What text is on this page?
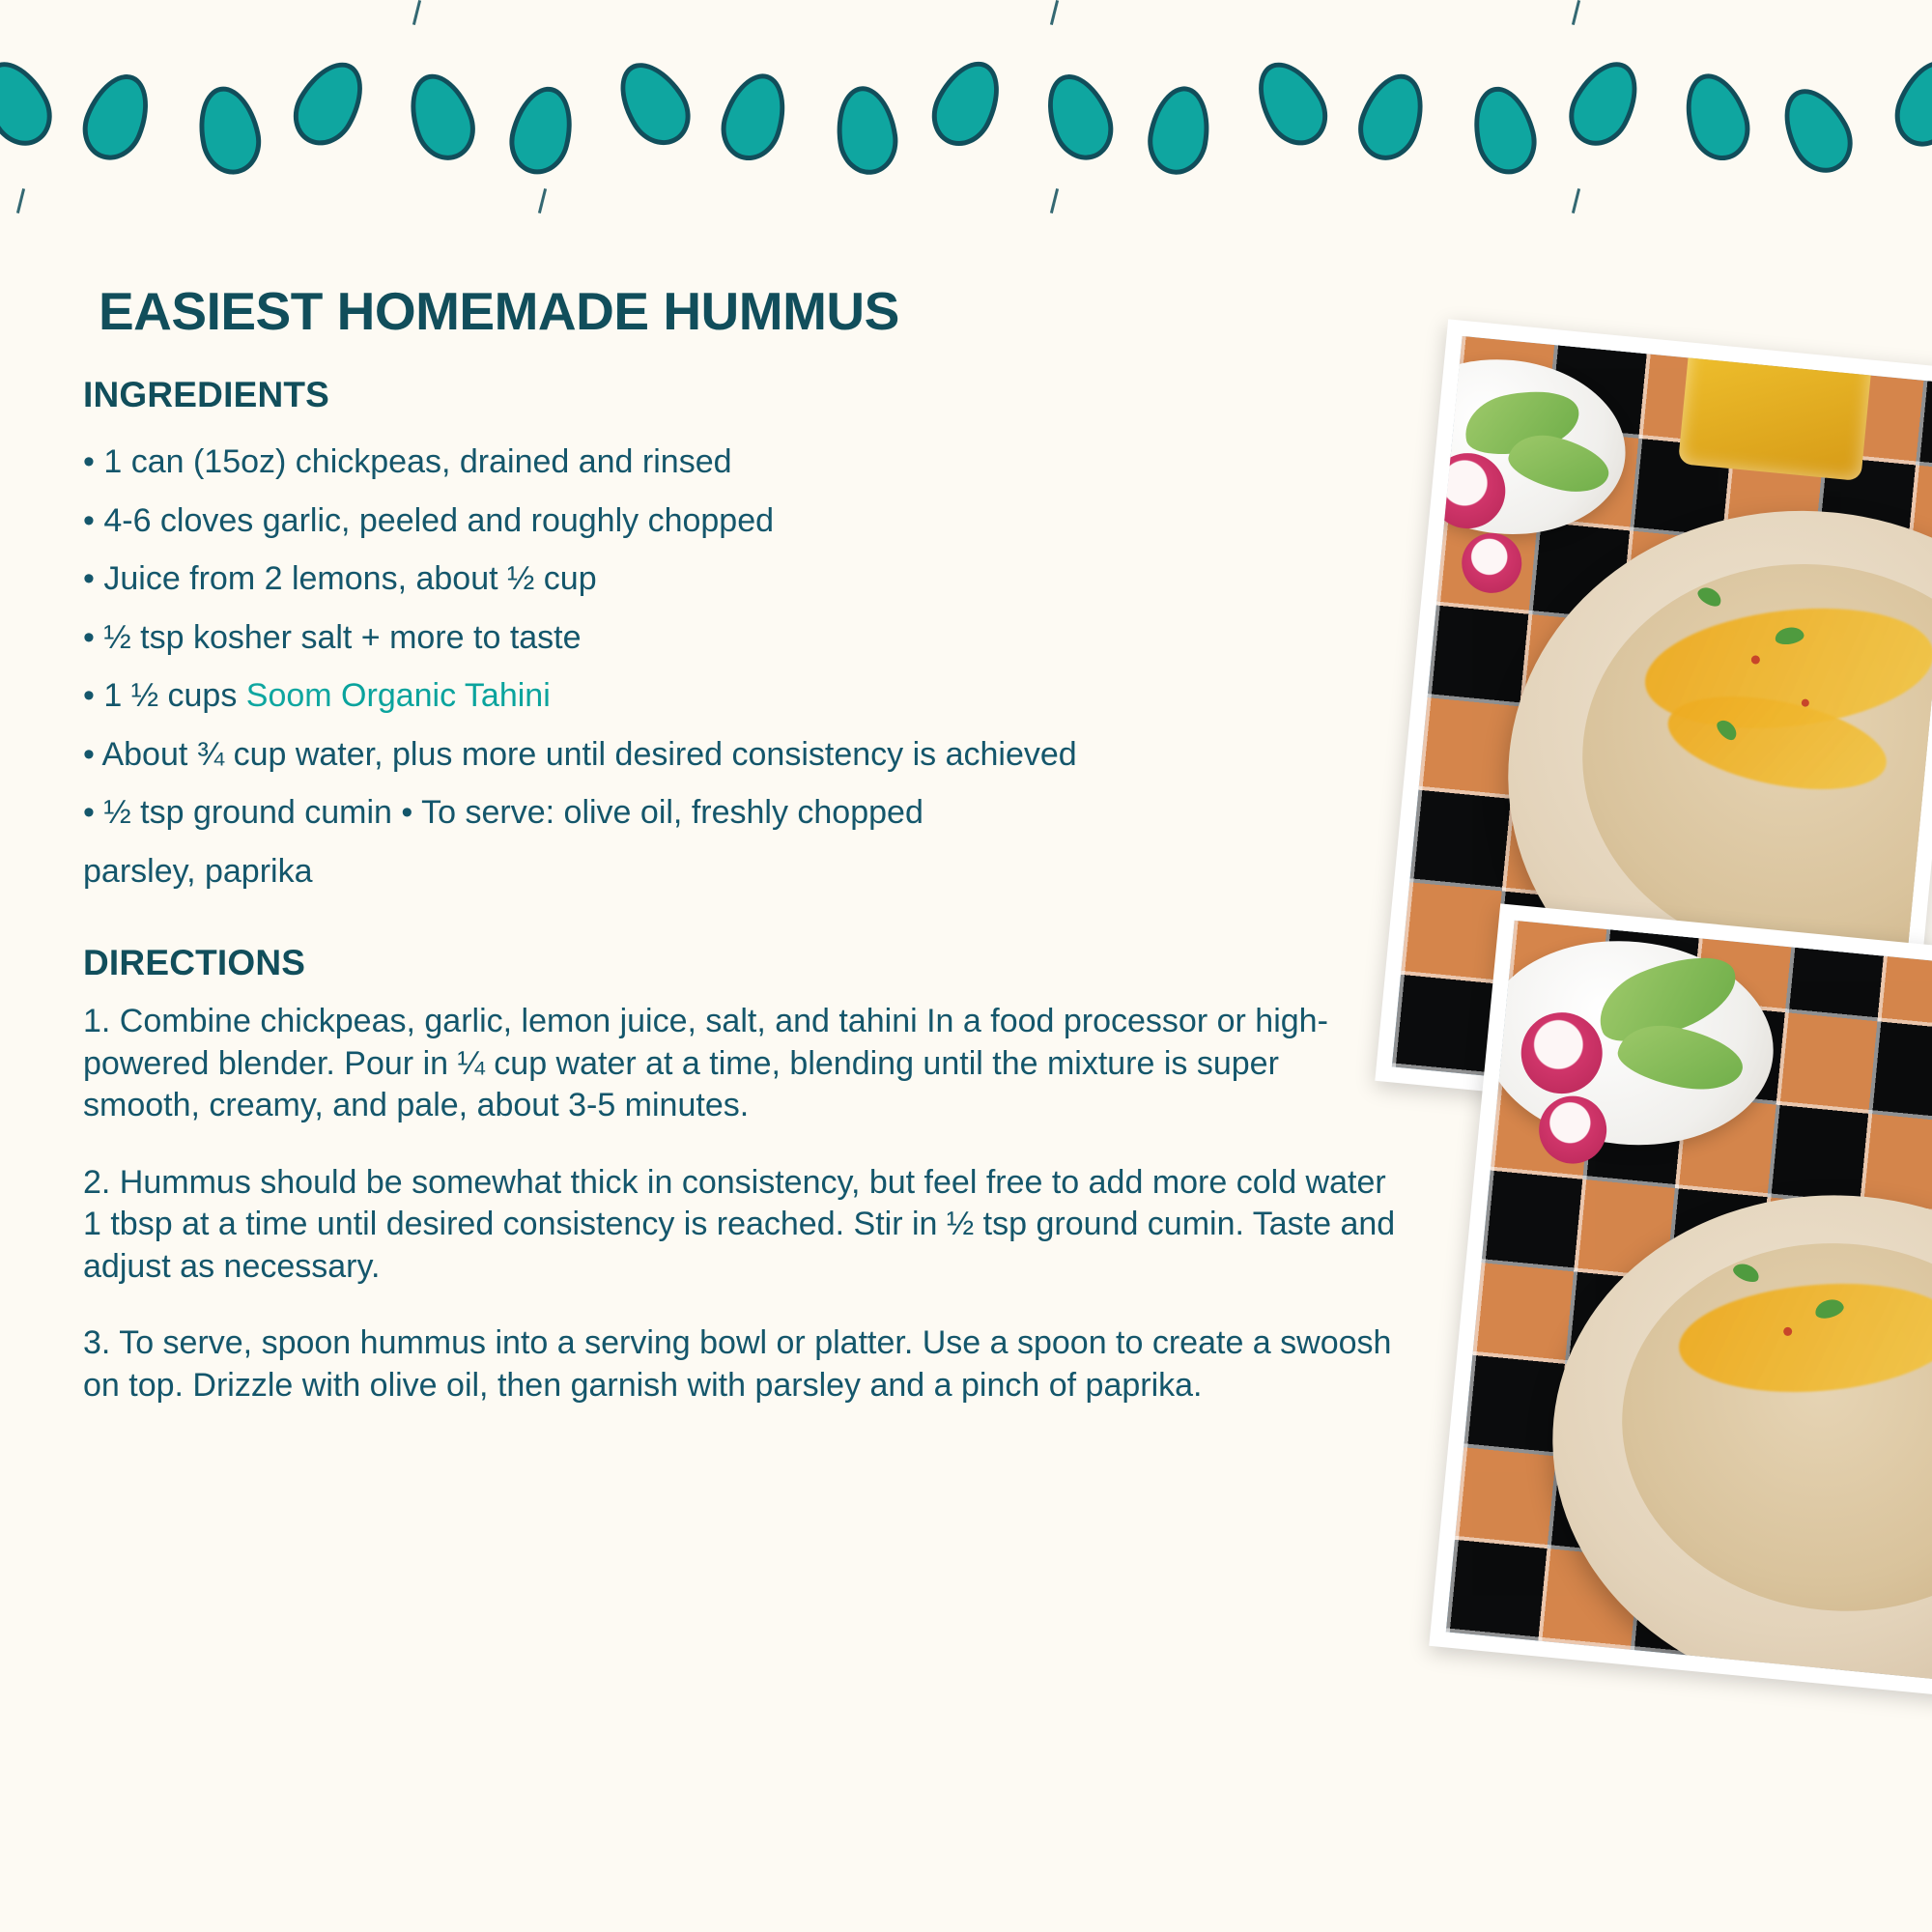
EASIEST HOMEMADE HUMMUS
INGREDIENTS
• 1 can (15oz) chickpeas, drained and rinsed
• 4-6 cloves garlic, peeled and roughly chopped
• Juice from 2 lemons, about ½ cup
• ½ tsp kosher salt + more to taste
• 1 ½ cups Soom Organic Tahini
• About ¾ cup water, plus more until desired consistency is achieved
• ½ tsp ground cumin • To serve: olive oil, freshly chopped
parsley, paprika
DIRECTIONS

1. Combine chickpeas, garlic, lemon juice, salt, and tahini In a food processor or high-powered blender. Pour in ¼ cup water at a time, blending until the mixture is super smooth, creamy, and pale, about 3-5 minutes.

2. Hummus should be somewhat thick in consistency, but feel free to add more cold water 1 tbsp at a time until desired consistency is reached. Stir in ½ tsp ground cumin. Taste and adjust as necessary.

3. To serve, spoon hummus into a serving bowl or platter. Use a spoon to create a swoosh on top. Drizzle with olive oil, then garnish with parsley and a pinch of paprika.
